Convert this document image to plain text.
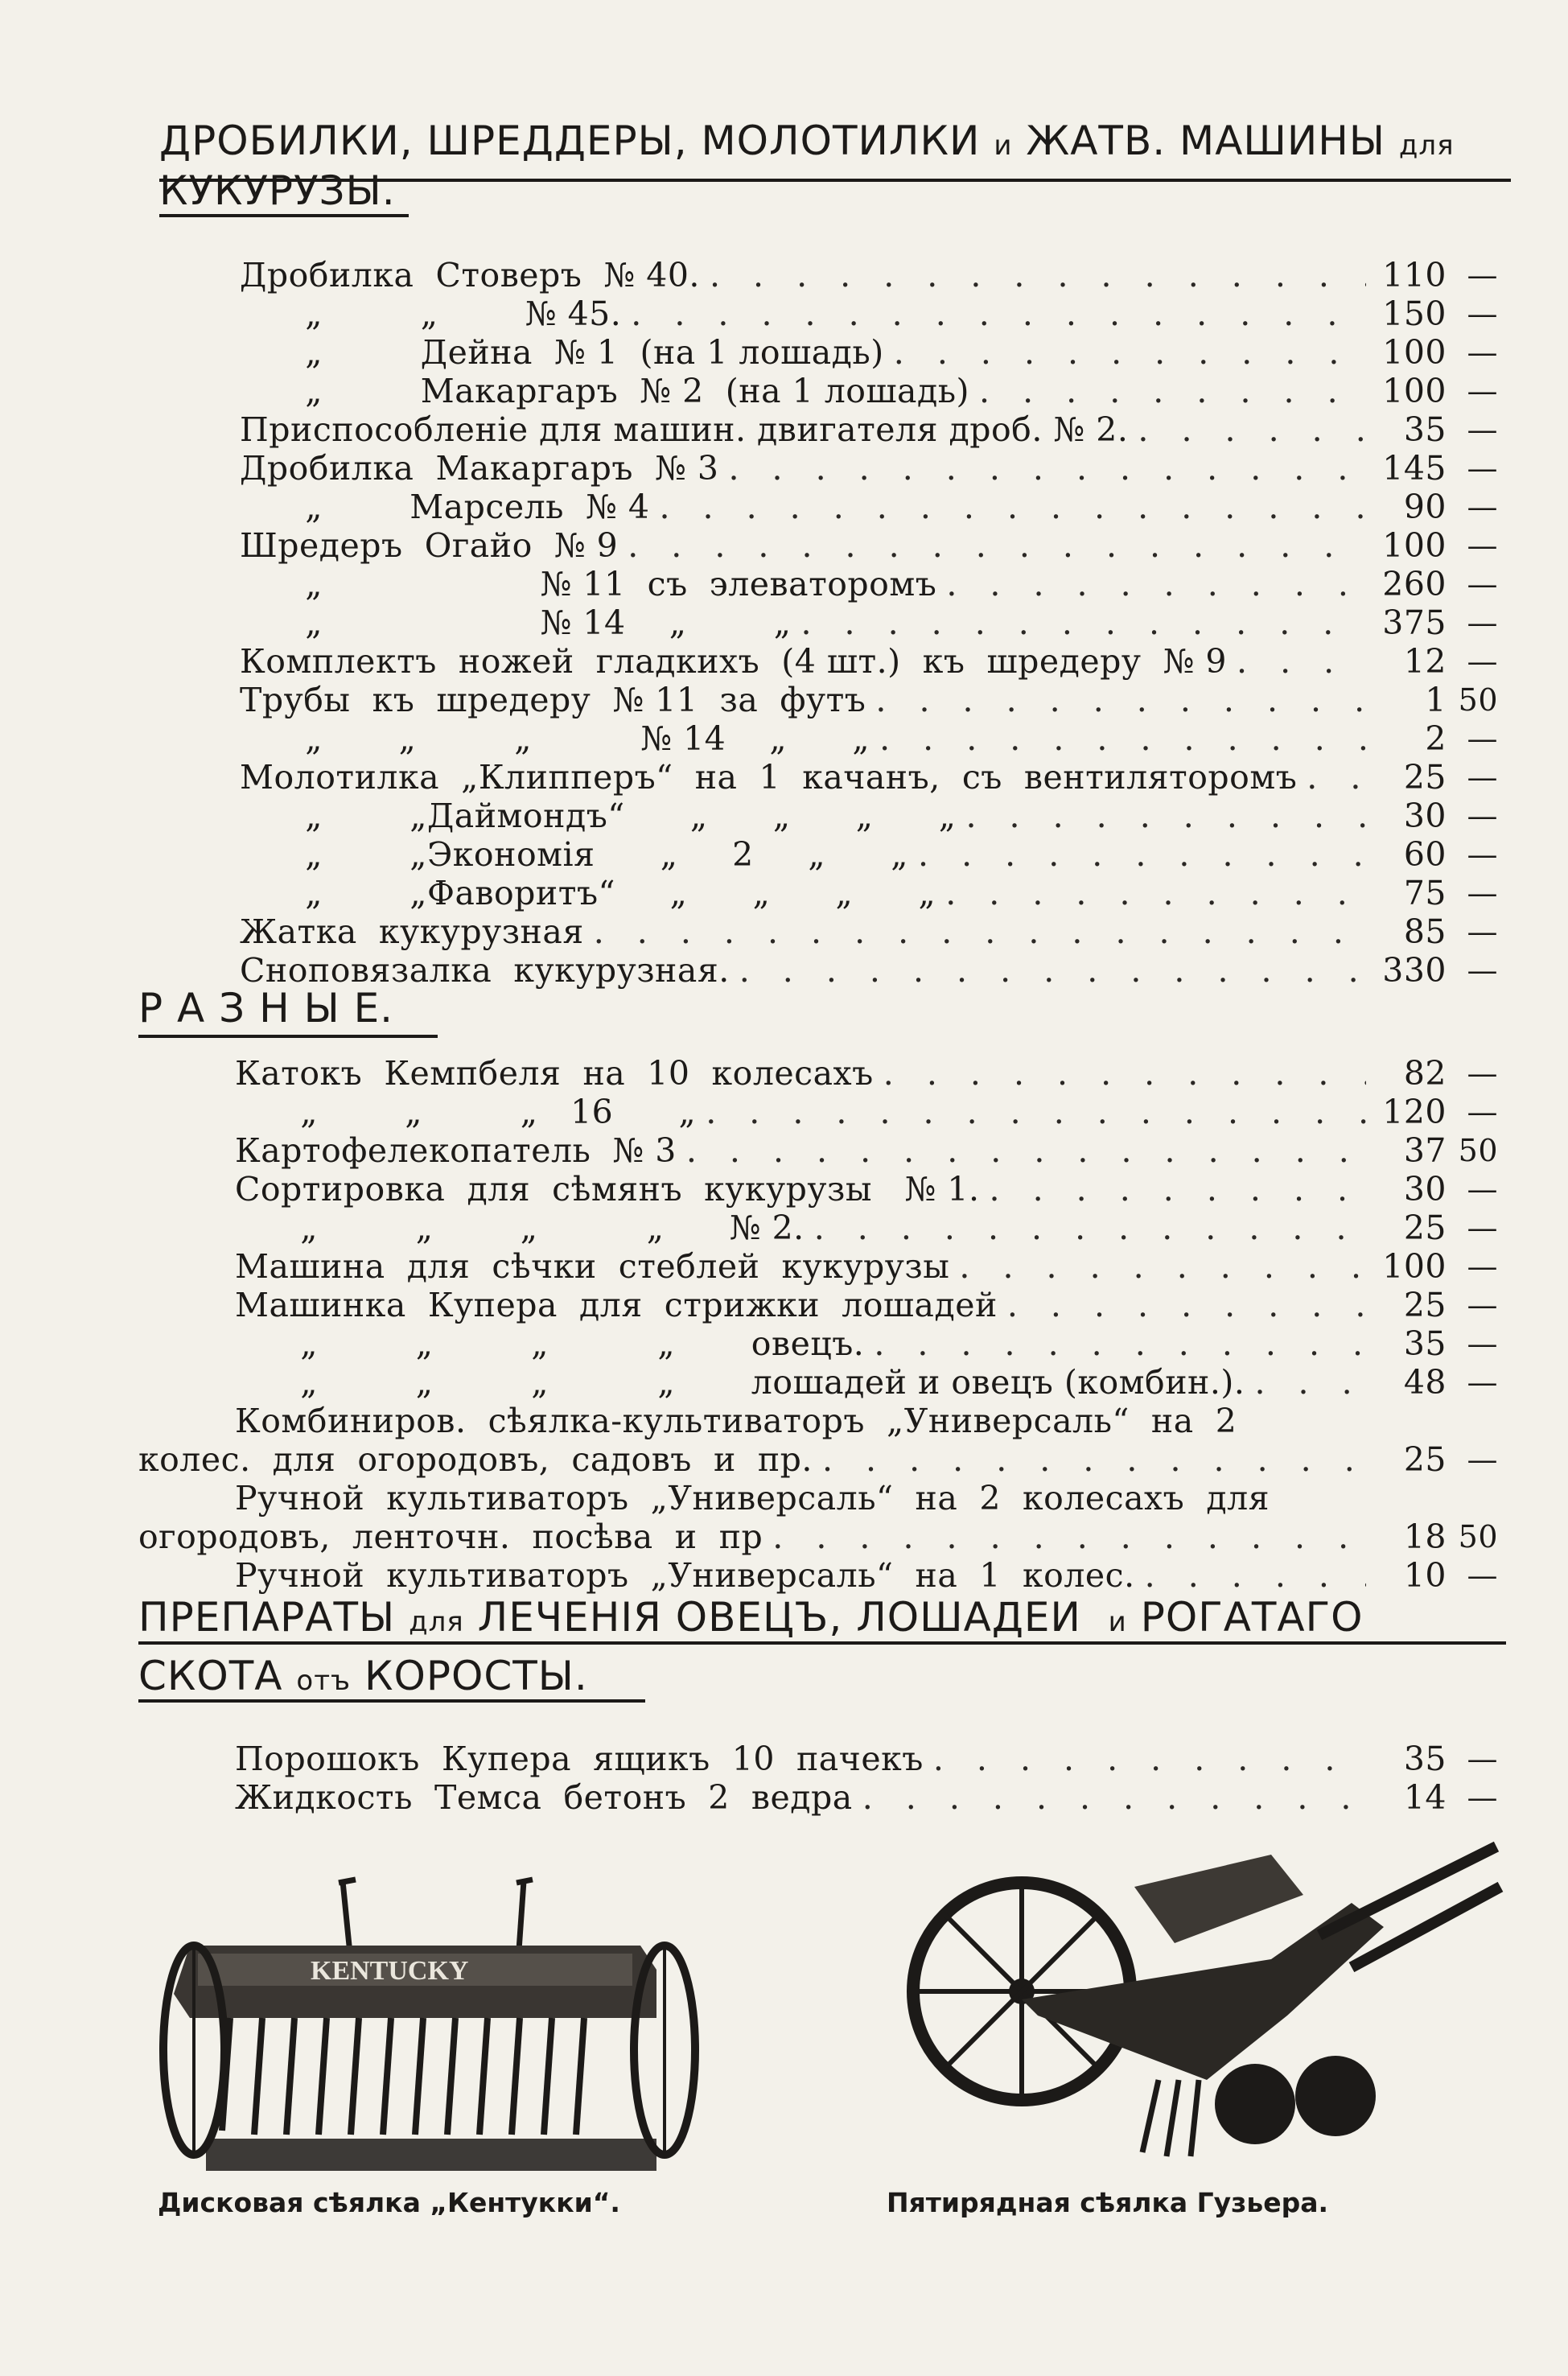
ДРОБИЛКИ, ШРЕДДЕРЫ, МОЛОТИЛКИ и ЖАТВ. МАШИНЫ для
КУКУРУЗЫ.
Р А З Н Ы Е.
ПРЕПАРАТЫ для ЛЕЧЕНІЯ ОВЕЦЪ, ЛОШАДЕИ и РОГАТАГО
СКОТА отъ КОРОСТЫ.
Дробилка  Стоверъ  № 40. . . .	110 —
„         „        № 45. . . .	150 —
„         Дейна  № 1  (на 1 лошадь) . . .	100 —
„         Макаргаръ  № 2  (на 1 лошадь) . . .	100 —
Приспособленіе для машин. двигателя дроб. № 2. . . .	35 —
Дробилка  Макаргаръ  № 3 . . .	145 —
„        Марсель  № 4 . . .	90 —
Шредеръ  Огайо  № 9 . . .	100 —
„                    № 11  съ  элеваторомъ . . .	260 —
„                    № 14    „        „ . . .	375 —
Комплектъ  ножей  гладкихъ  (4 шт.)  къ  шредеру  № 9 . . .	12 —
Трубы  къ  шредеру  № 11  за  футъ . . .	1 50
„       „         „          № 14    „      „ . . .	2 —
Молотилка  „Клипперъ“  на  1  качанъ,  съ  вентиляторомъ . . .	25 —
„        „Даймондъ“      „      „      „      „ . . .	30 —
„        „Экономія      „     2     „      „ . . .	60 —
„        „Фаворитъ“     „      „      „      „ . . .	75 —
Жатка  кукурузная . . .	85 —
Сноповязалка  кукурузная. . . .	330 —
Катокъ  Кемпбеля  на  10  колесахъ . . .	82 —
„        „         „   16      „ . . .	120 —
Картофелекопатель  № 3 . . .	37 50
Сортировка  для  сѣмянъ  кукурузы   № 1. . . .	30 —
„         „        „          „      № 2. . . .	25 —
Машина  для  сѣчки  стеблей  кукурузы . . .	100 —
Машинка  Купера  для  стрижки  лошадей . . .	25 —
„         „         „          „       овецъ. . . .	35 —
„         „         „          „       лошадей и овецъ (комбин.). . . .	48 —
Комбиниров.  сѣялка-культиваторъ  „Универсаль“  на  2
колес.  для  огородовъ,  садовъ  и  пр. . . .	25 —
Ручной  культиваторъ  „Универсаль“  на  2  колесахъ  для
огородовъ,  ленточн.  посѣва  и  пр . . .	18 50
Ручной  культиваторъ  „Универсаль“  на  1  колес. . . .	10 —
Порошокъ  Купера  ящикъ  10  пачекъ . . .	35 —
Жидкость  Темса  бетонъ  2  ведра . . .	14 —
KENTUCKY
Дисковая сѣялка „Кентукки“.	Пятирядная сѣялка Гузьера.
